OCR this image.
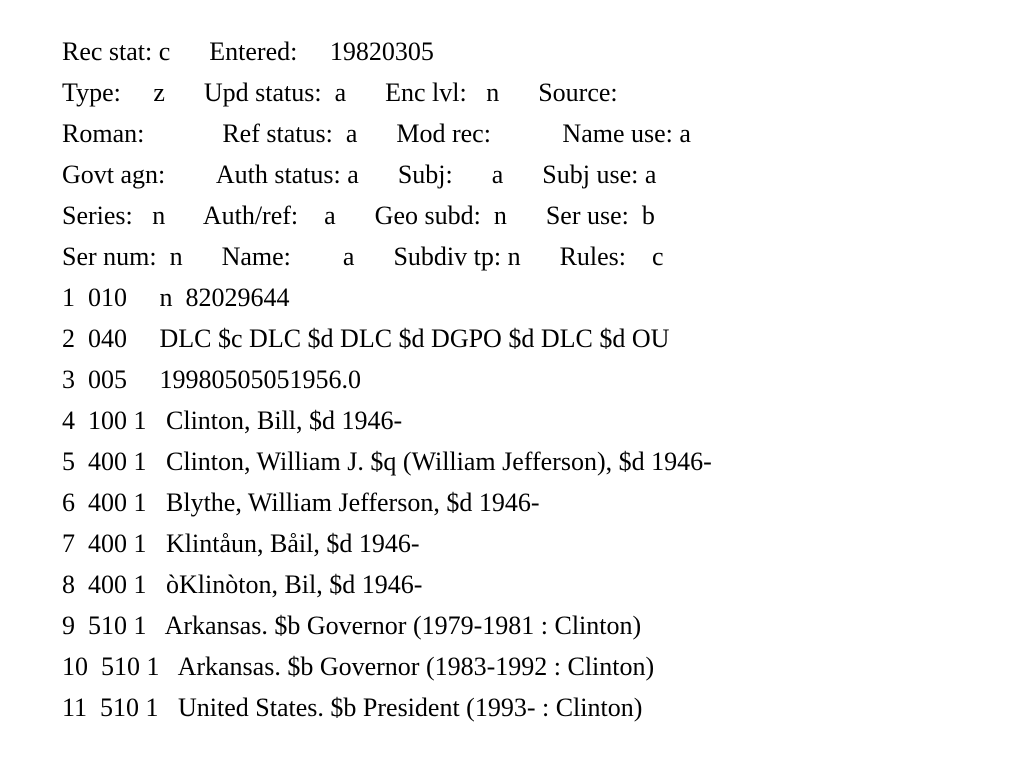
Rec stat: c      Entered:     19820305
Type:     z      Upd status:  a      Enc lvl:   n      Source:
Roman:            Ref status:  a      Mod rec:           Name use: a
Govt agn:        Auth status: a      Subj:      a      Subj use: a
Series:   n      Auth/ref:    a      Geo subd:  n      Ser use:  b
Ser num:  n      Name:        a      Subdiv tp: n      Rules:    c
1  010     n  82029644
2  040     DLC $c DLC $d DLC $d DGPO $d DLC $d OU
3  005     19980505051956.0
4  100 1   Clinton, Bill, $d 1946-
5  400 1   Clinton, William J. $q (William Jefferson), $d 1946-
6  400 1   Blythe, William Jefferson, $d 1946-
7  400 1   Klintåun, Båil, $d 1946-
8  400 1   òKlinòton, Bil, $d 1946-
9  510 1   Arkansas. $b Governor (1979-1981 : Clinton)
10  510 1   Arkansas. $b Governor (1983-1992 : Clinton)
11  510 1   United States. $b President (1993- : Clinton)
